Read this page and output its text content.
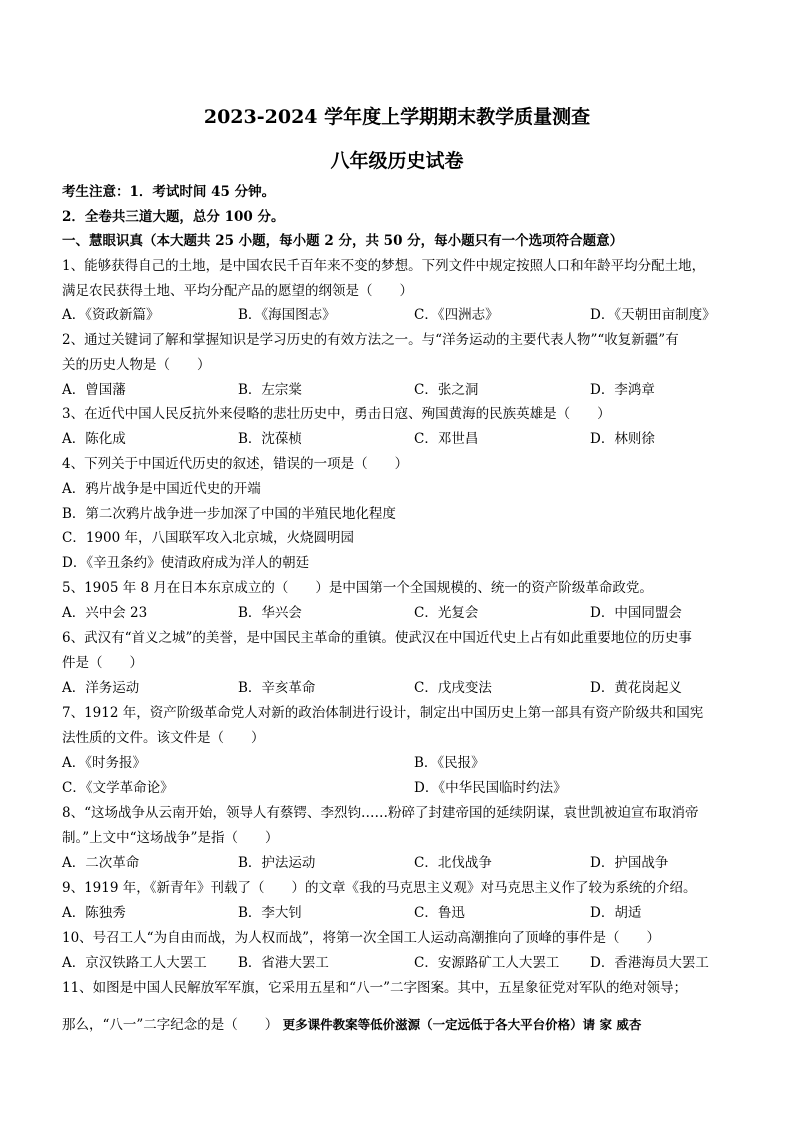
2023-2024 学年度上学期期末教学质量测查
八年级历史试卷
考生注意：1．考试时间 45 分钟。
2．全卷共三道大题，总分 100 分。
一、慧眼识真（本大题共 25 小题，每小题 2 分，共 50 分，每小题只有一个选项符合题意）
1、能够获得自己的土地，是中国农民千百年来不变的梦想。下列文件中规定按照人口和年龄平均分配土地，
满足农民获得土地、平均分配产品的愿望的纲领是（　　）
A．《资政新篇》	B．《海国图志》	C．《四洲志》	D．《天朝田亩制度》
2、通过关键词了解和掌握知识是学习历史的有效方法之一。与“洋务运动的主要代表人物”“收复新疆”有
关的历史人物是（　　）
A．曾国藩	B．左宗棠	C．张之洞	D．李鸿章
3、在近代中国人民反抗外来侵略的悲壮历史中，勇击日寇、殉国黄海的民族英雄是（　　）
A．陈化成	B．沈葆桢	C．邓世昌	D．林则徐
4、下列关于中国近代历史的叙述，错误的一项是（　　）
A．鸦片战争是中国近代史的开端
B．第二次鸦片战争进一步加深了中国的半殖民地化程度
C．1900 年，八国联军攻入北京城，火烧圆明园
D．《辛丑条约》使清政府成为洋人的朝廷
5、1905 年 8 月在日本东京成立的（　　）是中国第一个全国规模的、统一的资产阶级革命政党。
A．兴中会 23	B．华兴会	C．光复会	D．中国同盟会
6、武汉有“首义之城”的美誉，是中国民主革命的重镇。使武汉在中国近代史上占有如此重要地位的历史事
件是（　　）
A．洋务运动	B．辛亥革命	C．戊戌变法	D．黄花岗起义
7、1912 年，资产阶级革命党人对新的政治体制进行设计，制定出中国历史上第一部具有资产阶级共和国宪
法性质的文件。该文件是（　　）
A．《时务报》	B．《民报》
C．《文学革命论》	D．《中华民国临时约法》
8、“这场战争从云南开始，领导人有蔡锷、李烈钧……粉碎了封建帝国的延续阴谋，袁世凯被迫宣布取消帝
制。”上文中“这场战争”是指（　　）
A．二次革命	B．护法运动	C．北伐战争	D．护国战争
9、1919 年，《新青年》刊载了（　　）的文章《我的马克思主义观》对马克思主义作了较为系统的介绍。
A．陈独秀	B．李大钊	C．鲁迅	D．胡适
10、号召工人“为自由而战，为人权而战”，将第一次全国工人运动高潮推向了顶峰的事件是（　　）
A．京汉铁路工人大罢工 B．省港大罢工	C．安源路矿工人大罢工 D．香港海员大罢工
11、如图是中国人民解放军军旗，它采用五星和“八一”二字图案。其中，五星象征党对军队的绝对领导；
那么，“八一”二字纪念的是（　　） 更多课件教案等低价滋源（一定远低于各大平台价格）请 家 威杏
